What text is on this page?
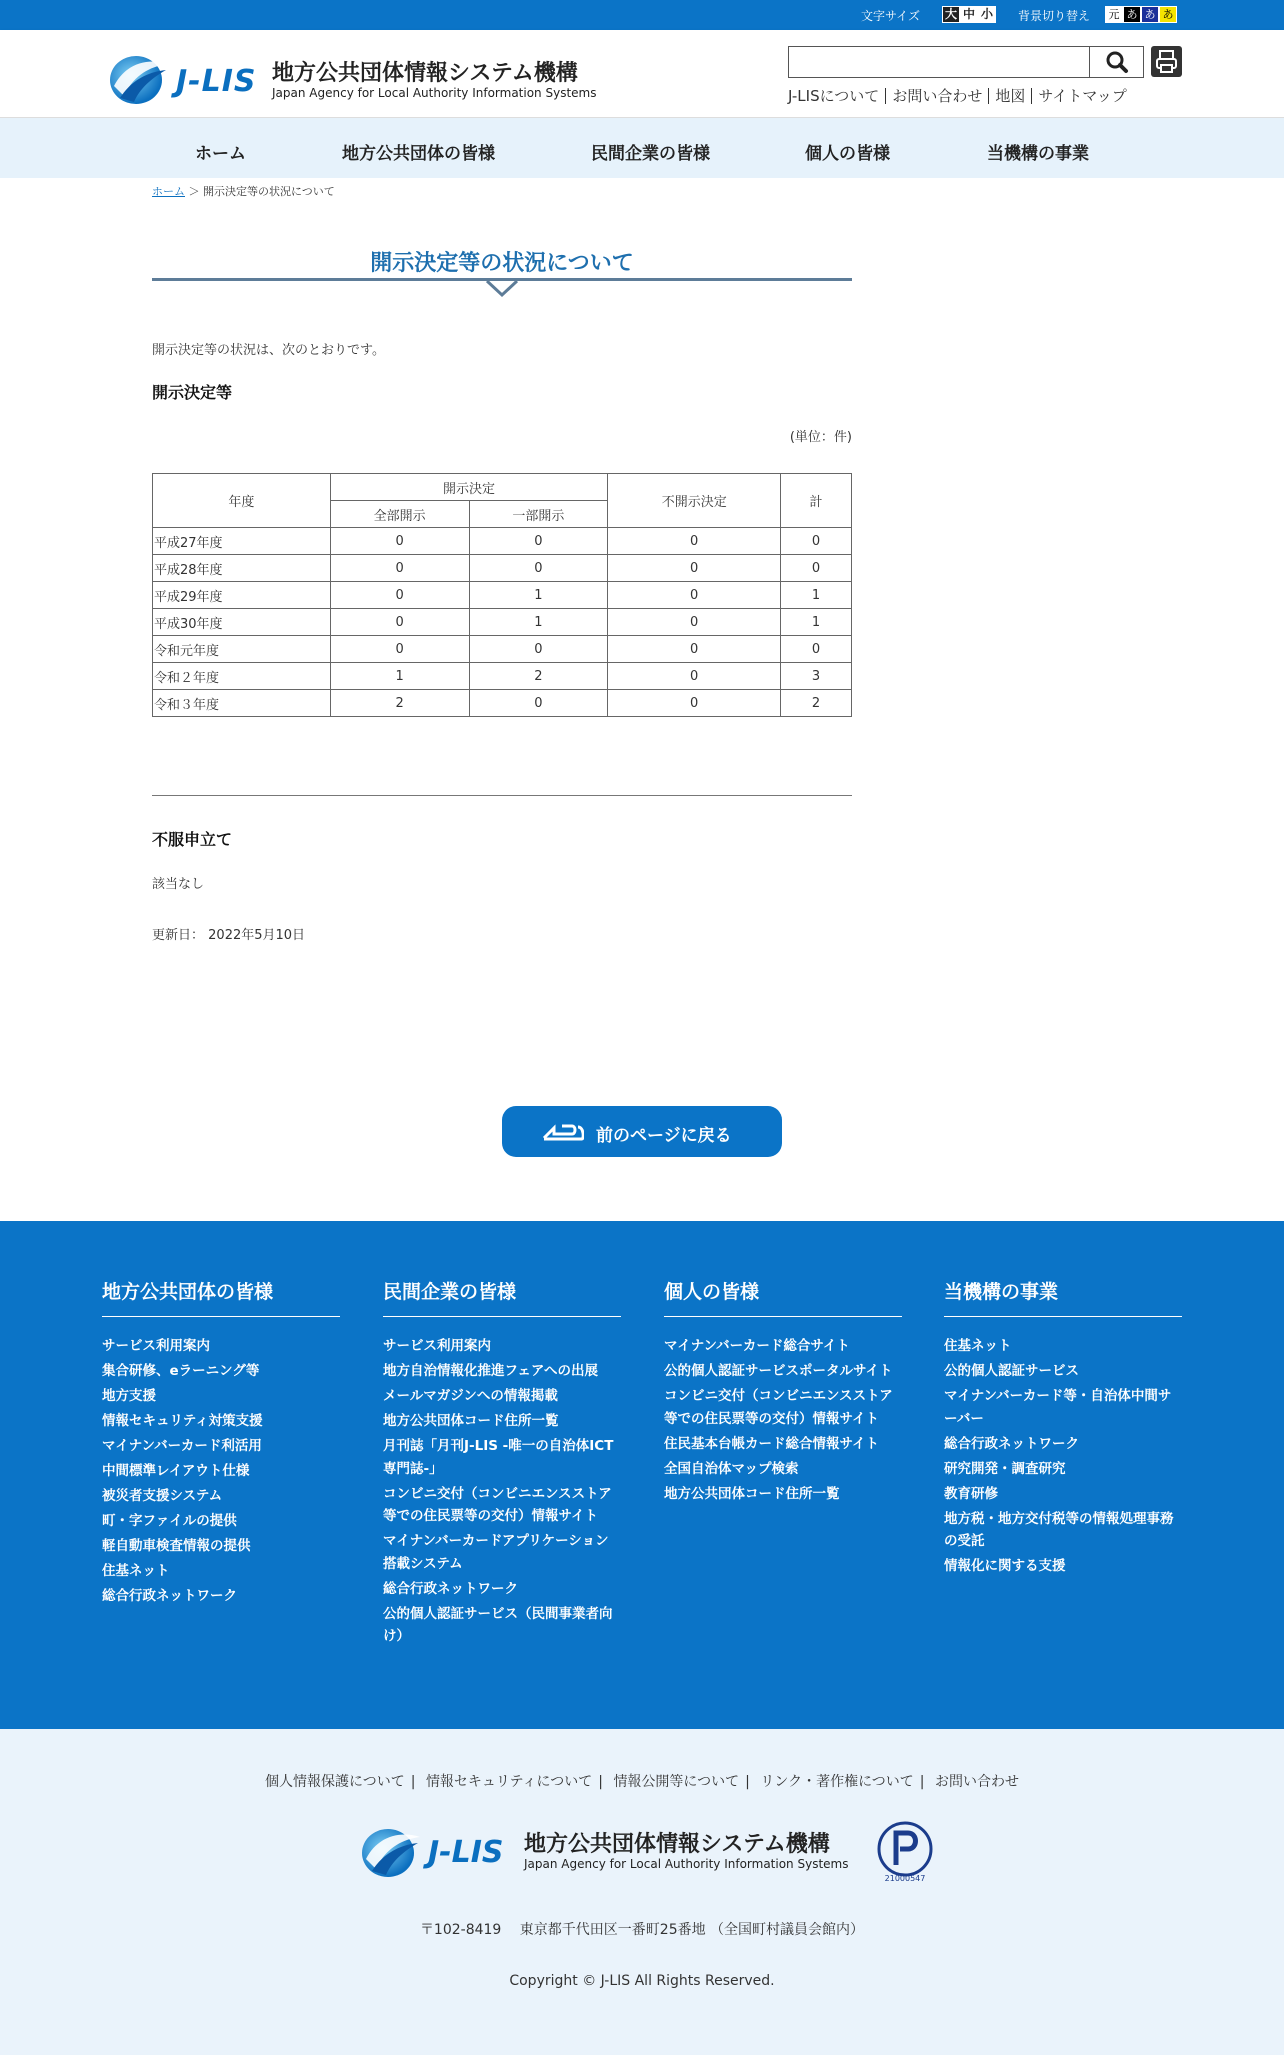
文字サイズ 大 中 小 背景切り替え	元 あ あ あ
J-LIS 地方公共団体情報システム機構
Japan Agency for Local Authority Information Systems	J-LISについて お問い合わせ 地図 サイトマップ
ホーム	地方公共団体の皆様	民間企業の皆様	個人の皆様	当機構の事業
ホーム ＞ 開示決定等の状況について
開示決定等の状況について

開示決定等の状況は、次のとおりです。

開示決定等

(単位：件)

年度	開示決定		不開示決定	計
	全部開示	一部開示		
平成27年度	0	0	0	0
平成28年度	0	0	0	0
平成29年度	0	1	0	1
平成30年度	0	1	0	1
令和元年度	0	0	0	0
令和２年度	1	2	0	3
令和３年度	2	0	0	2
不服申立て

該当なし

更新日： 2022年5月10日

前のページに戻る
地方公共団体の皆様
サービス利用案内
集合研修、eラーニング等
地方支援
情報セキュリティ対策支援
マイナンバーカード利活用
中間標準レイアウト仕様
被災者支援システム
町・字ファイルの提供
軽自動車検査情報の提供
住基ネット
総合行政ネットワーク
民間企業の皆様
サービス利用案内
地方自治情報化推進フェアへの出展
メールマガジンへの情報掲載
地方公共団体コード住所一覧
月刊誌「月刊J-LIS -唯一の自治体ICT専門誌-」
コンビニ交付（コンビニエンスストア等での住民票等の交付）情報サイト
マイナンバーカードアプリケーション搭載システム
総合行政ネットワーク
公的個人認証サービス（民間事業者向け）
個人の皆様
マイナンバーカード総合サイト
公的個人認証サービスポータルサイト
コンビニ交付（コンビニエンスストア等での住民票等の交付）情報サイト
住民基本台帳カード総合情報サイト
全国自治体マップ検索
地方公共団体コード住所一覧
当機構の事業
住基ネット
公的個人認証サービス
マイナンバーカード等・自治体中間サーバー
総合行政ネットワーク
研究開発・調査研究
教育研修
地方税・地方交付税等の情報処理事務の受託
情報化に関する支援
個人情報保護について | 情報セキュリティについて | 情報公開等について | リンク・著作権について | お問い合わせ
J-LIS 地方公共団体情報システム機構
Japan Agency for Local Authority Information Systems
21000547

〒102-8419　 東京都千代田区一番町25番地 （全国町村議員会館内）

Copyright © J-LIS All Rights Reserved.
